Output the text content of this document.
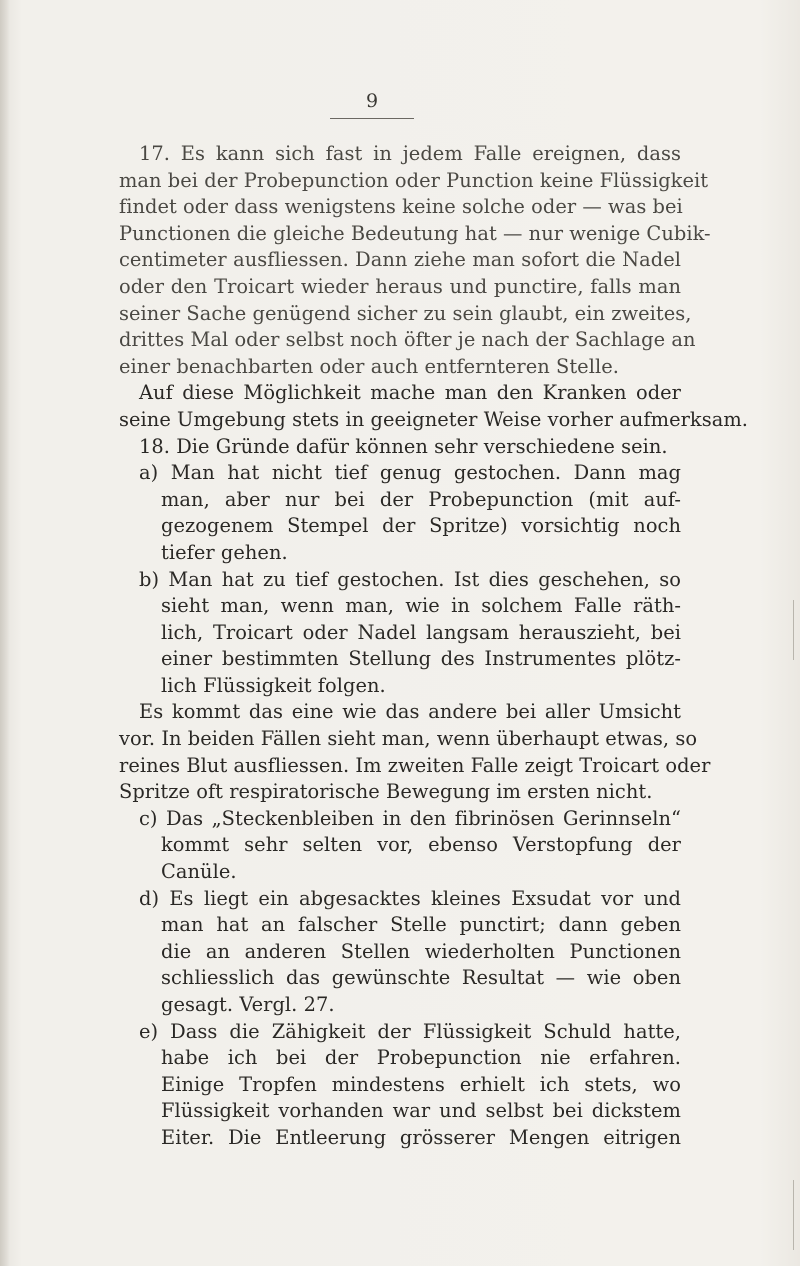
9
17. Es kann sich fast in jedem Falle ereignen, dass
man bei der Probepunction oder Punction keine Flüssigkeit
findet oder dass wenigstens keine solche oder — was bei
Punctionen die gleiche Bedeutung hat — nur wenige Cubik-
centimeter ausfliessen. Dann ziehe man sofort die Nadel
oder den Troicart wieder heraus und punctire, falls man
seiner Sache genügend sicher zu sein glaubt, ein zweites,
drittes Mal oder selbst noch öfter je nach der Sachlage an
einer benachbarten oder auch entfernteren Stelle.
Auf diese Möglichkeit mache man den Kranken oder
seine Umgebung stets in geeigneter Weise vorher aufmerksam.
18. Die Gründe dafür können sehr verschiedene sein.
a) Man hat nicht tief genug gestochen. Dann mag
man, aber nur bei der Probepunction (mit auf-
gezogenem Stempel der Spritze) vorsichtig noch
tiefer gehen.
b) Man hat zu tief gestochen. Ist dies geschehen, so
sieht man, wenn man, wie in solchem Falle räth-
lich, Troicart oder Nadel langsam herauszieht, bei
einer bestimmten Stellung des Instrumentes plötz-
lich Flüssigkeit folgen.
Es kommt das eine wie das andere bei aller Umsicht
vor. In beiden Fällen sieht man, wenn überhaupt etwas, so
reines Blut ausfliessen. Im zweiten Falle zeigt Troicart oder
Spritze oft respiratorische Bewegung im ersten nicht.
c) Das „Steckenbleiben in den fibrinösen Gerinnseln“
kommt sehr selten vor, ebenso Verstopfung der
Canüle.
d) Es liegt ein abgesacktes kleines Exsudat vor und
man hat an falscher Stelle punctirt; dann geben
die an anderen Stellen wiederholten Punctionen
schliesslich das gewünschte Resultat — wie oben
gesagt. Vergl. 27.
e) Dass die Zähigkeit der Flüssigkeit Schuld hatte,
habe ich bei der Probepunction nie erfahren.
Einige Tropfen mindestens erhielt ich stets, wo
Flüssigkeit vorhanden war und selbst bei dickstem
Eiter. Die Entleerung grösserer Mengen eitrigen
